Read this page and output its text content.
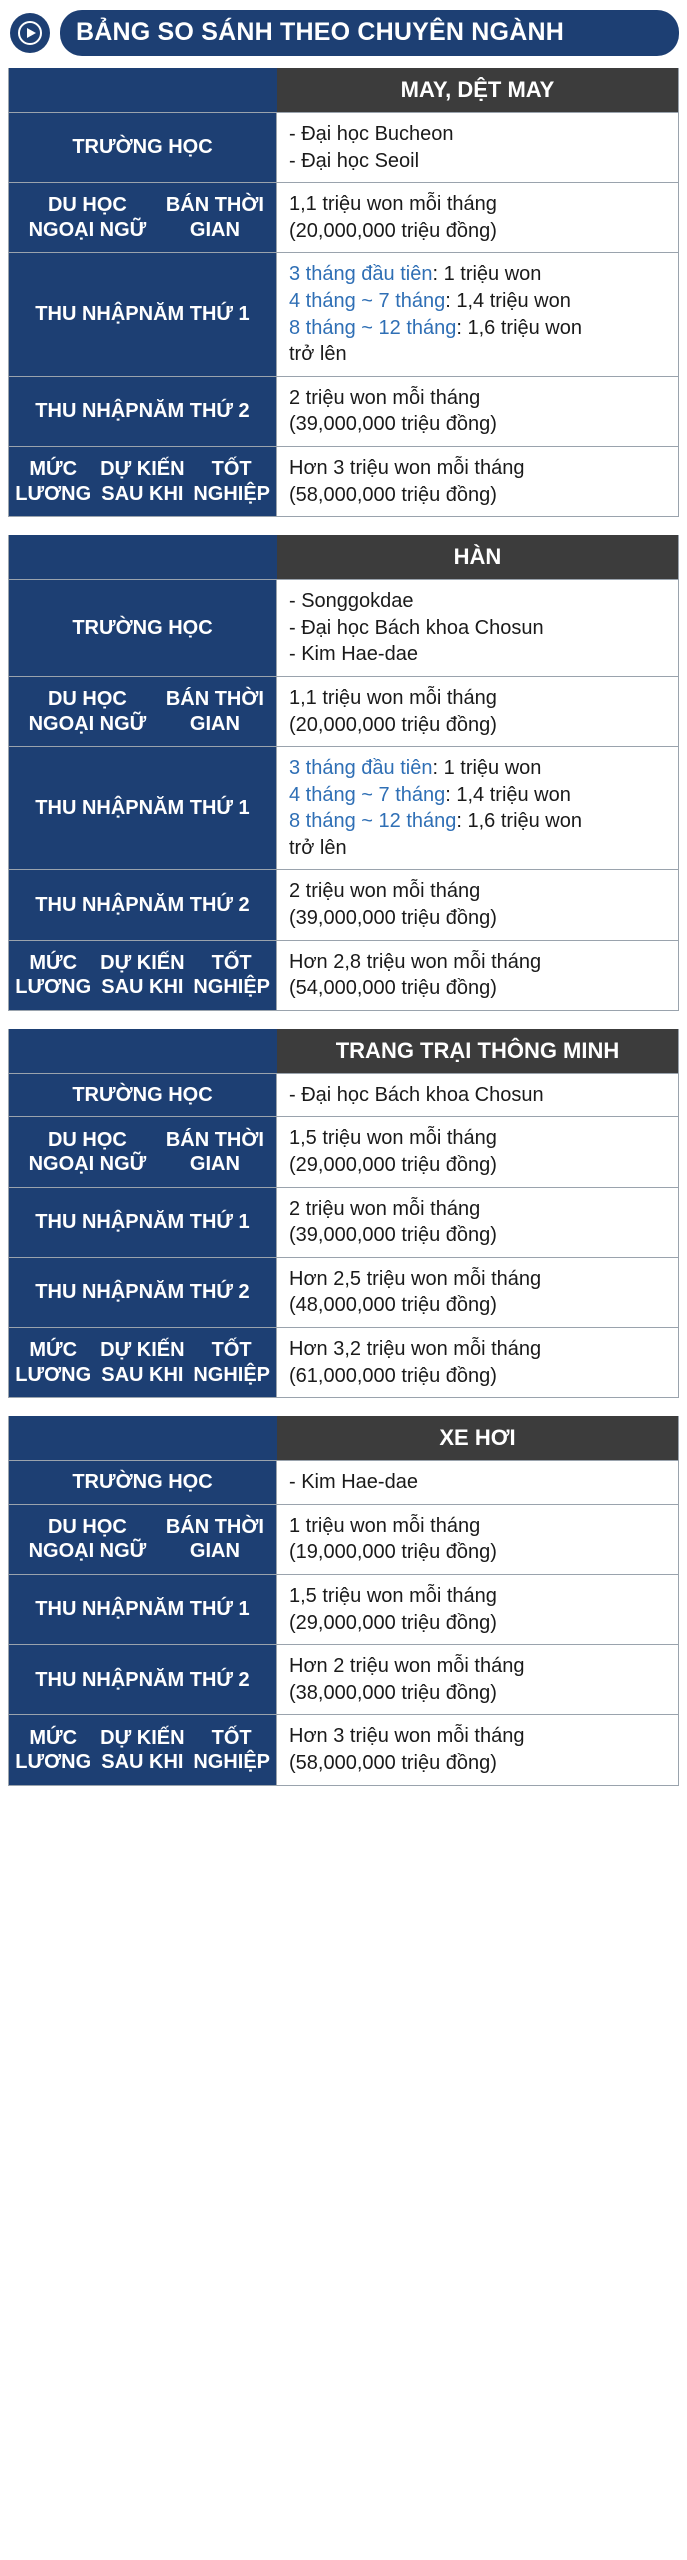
BẢNG SO SÁNH THEO CHUYÊN NGÀNH
MAY, DỆT MAY
TRƯỜNG HỌC
- Đại học Bucheon
- Đại học Seoil
DU HỌC NGOẠI NGỮ

BÁN THỜI GIAN
1,1 triệu won mỗi tháng
(20,000,000 triệu đồng)
THU NHẬP NĂM THỨ 1
3 tháng đầu tiên: 1 triệu won
4 tháng ~ 7 tháng: 1,4 triệu won
8 tháng ~ 12 tháng: 1,6 triệu won
trở lên
THU NHẬP NĂM THỨ 2
2 triệu won mỗi tháng
(39,000,000 triệu đồng)
MỨC LƯƠNG

DỰ KIẾN SAU KHI

TỐT NGHIỆP
Hơn 3 triệu won mỗi tháng
(58,000,000 triệu đồng)
HÀN
TRƯỜNG HỌC
- Songgokdae
- Đại học Bách khoa Chosun
- Kim Hae-dae
DU HỌC NGOẠI NGỮ

BÁN THỜI GIAN
1,1 triệu won mỗi tháng
(20,000,000 triệu đồng)
THU NHẬP NĂM THỨ 1
3 tháng đầu tiên: 1 triệu won
4 tháng ~ 7 tháng: 1,4 triệu won
8 tháng ~ 12 tháng: 1,6 triệu won
trở lên
THU NHẬP NĂM THỨ 2
2 triệu won mỗi tháng
(39,000,000 triệu đồng)
MỨC LƯƠNG

DỰ KIẾN SAU KHI

TỐT NGHIỆP
Hơn 2,8 triệu won mỗi tháng
(54,000,000 triệu đồng)
TRANG TRẠI THÔNG MINH
TRƯỜNG HỌC	- Đại học Bách khoa Chosun
DU HỌC NGOẠI NGỮ

BÁN THỜI GIAN
1,5 triệu won mỗi tháng
(29,000,000 triệu đồng)
THU NHẬP NĂM THỨ 1
2 triệu won mỗi tháng
(39,000,000 triệu đồng)
THU NHẬP NĂM THỨ 2
Hơn 2,5 triệu won mỗi tháng
(48,000,000 triệu đồng)
MỨC LƯƠNG

DỰ KIẾN SAU KHI

TỐT NGHIỆP
Hơn 3,2 triệu won mỗi tháng
(61,000,000 triệu đồng)
XE HƠI
TRƯỜNG HỌC	- Kim Hae-dae
DU HỌC NGOẠI NGỮ

BÁN THỜI GIAN
1 triệu won mỗi tháng
(19,000,000 triệu đồng)
THU NHẬP NĂM THỨ 1
1,5 triệu won mỗi tháng
(29,000,000 triệu đồng)
THU NHẬP NĂM THỨ 2
Hơn 2 triệu won mỗi tháng
(38,000,000 triệu đồng)
MỨC LƯƠNG

DỰ KIẾN SAU KHI

TỐT NGHIỆP
Hơn 3 triệu won mỗi tháng
(58,000,000 triệu đồng)
